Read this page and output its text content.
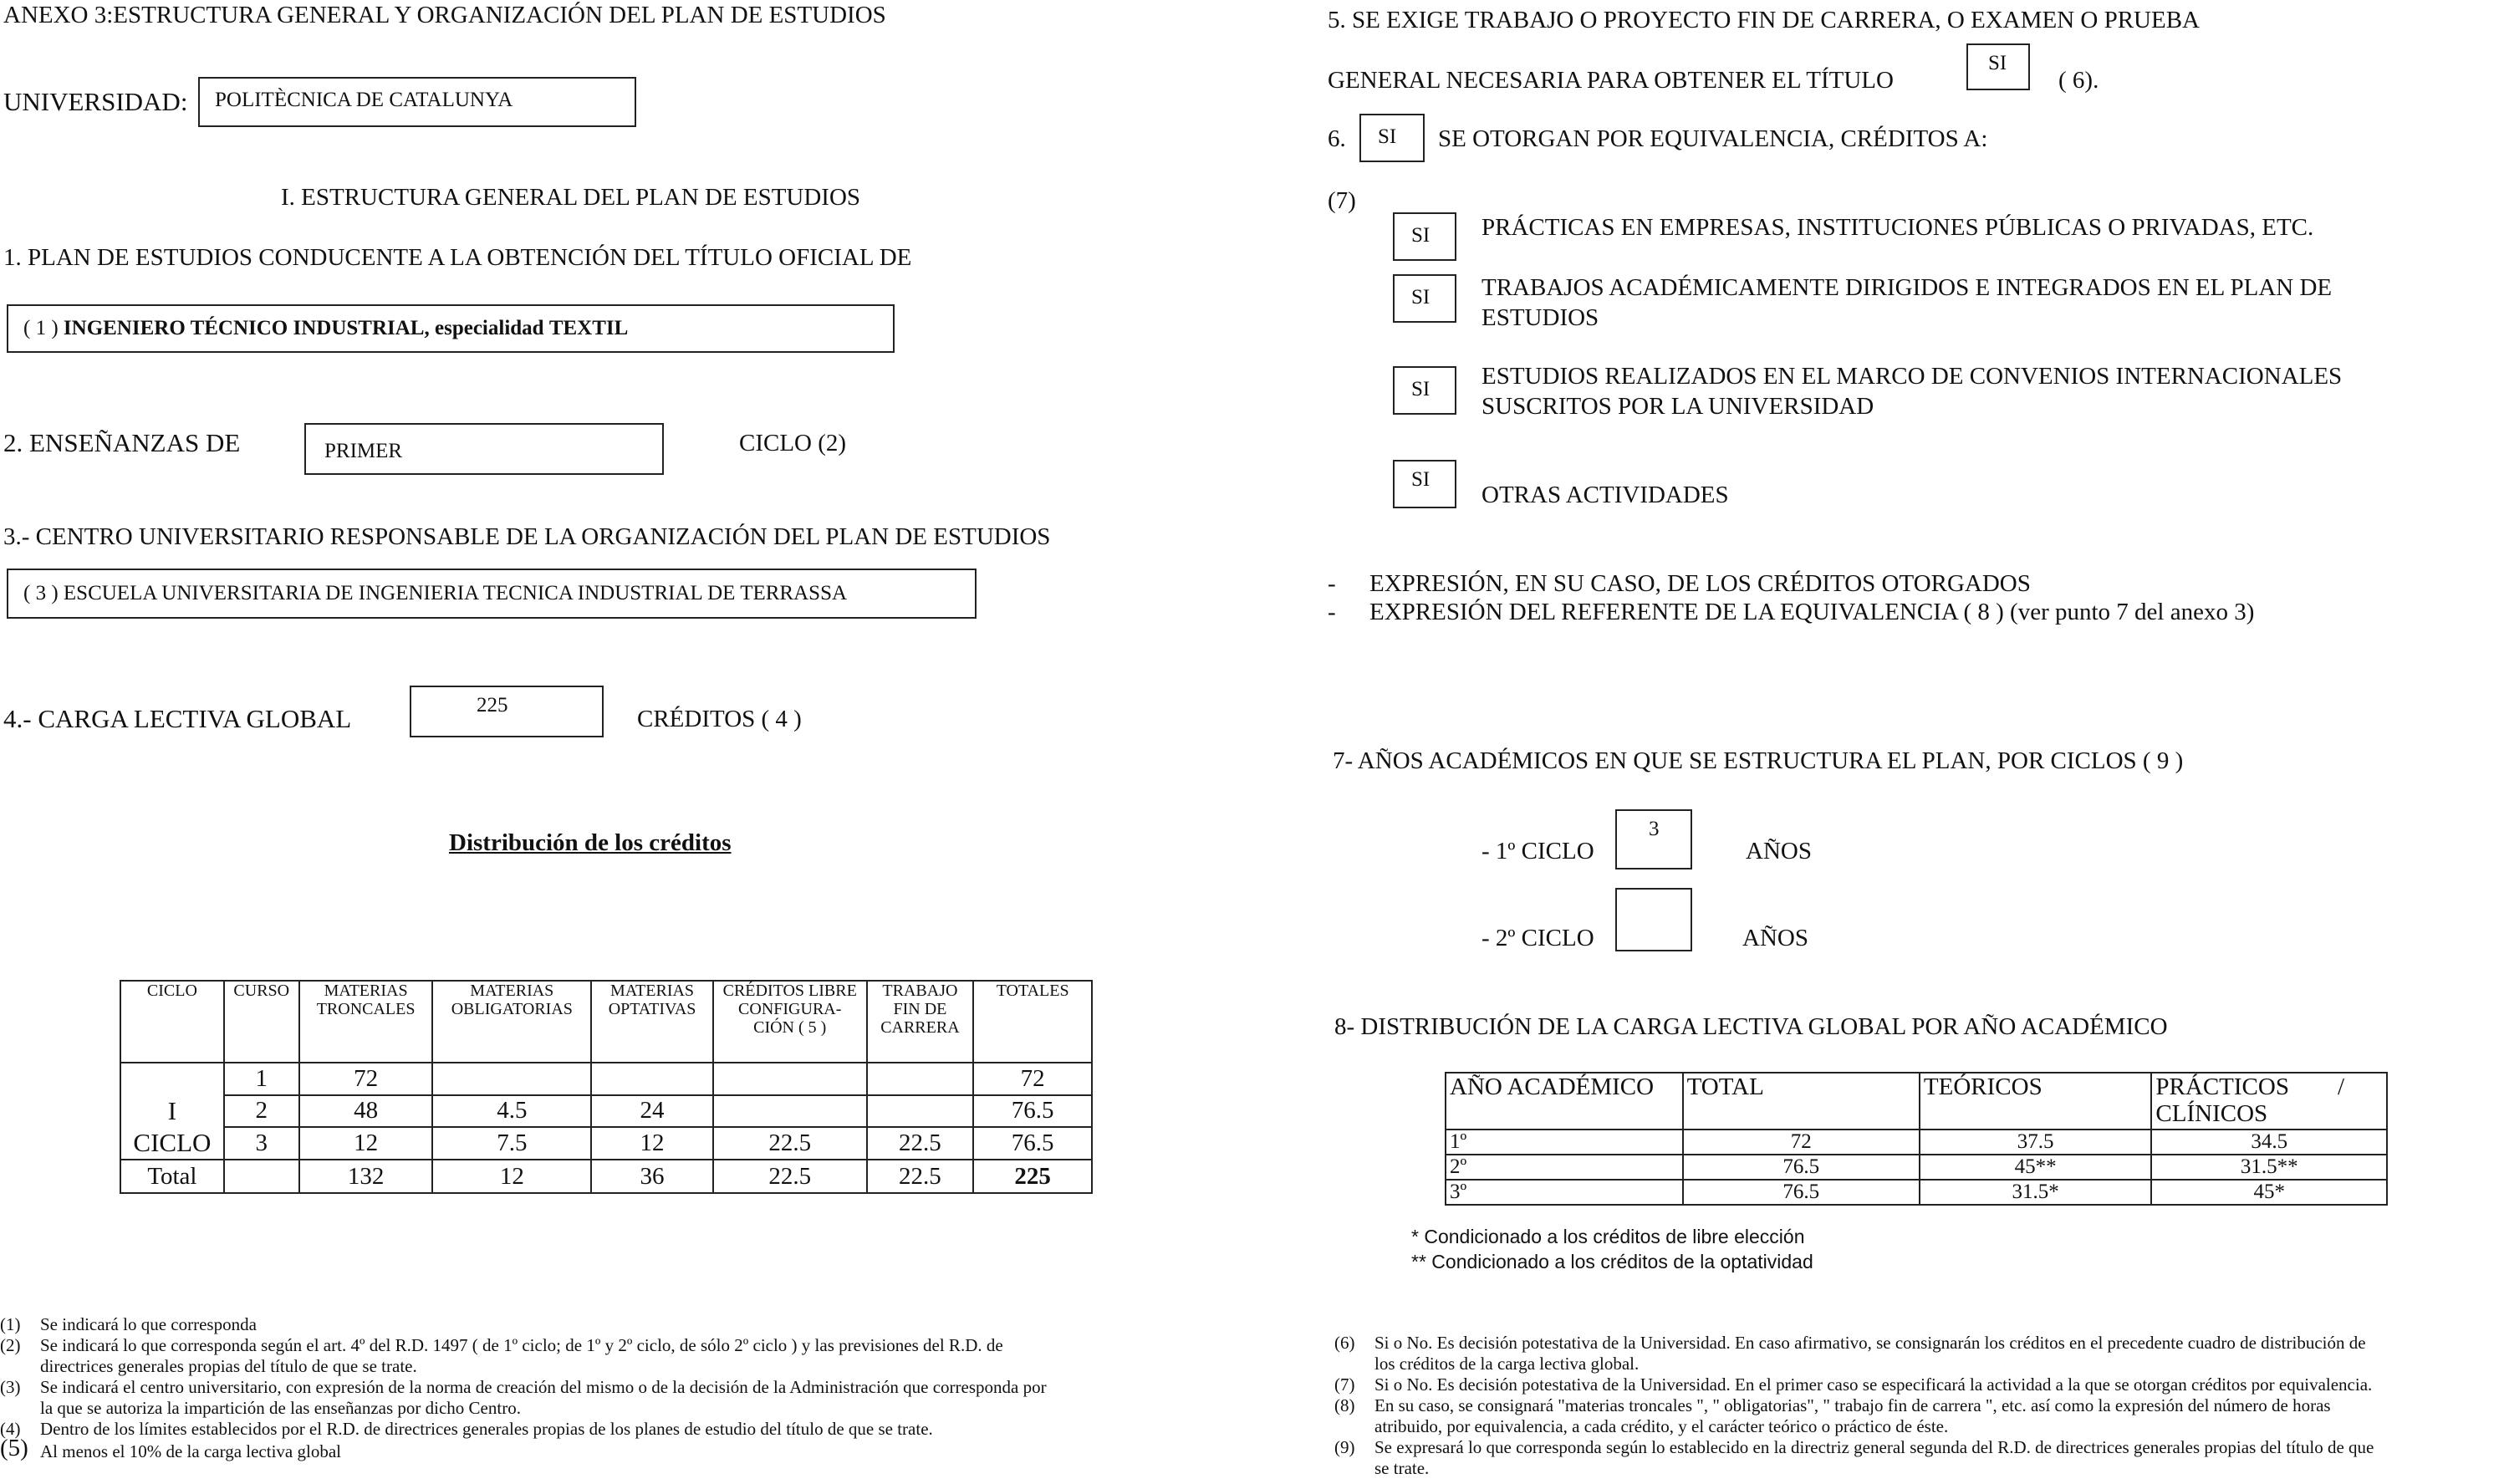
ANEXO 3:ESTRUCTURA GENERAL Y ORGANIZACIÓN DEL PLAN DE ESTUDIOS
UNIVERSIDAD: POLITÈCNICA DE CATALUNYA
I. ESTRUCTURA GENERAL DEL PLAN DE ESTUDIOS
1. PLAN DE ESTUDIOS CONDUCENTE A LA OBTENCIÓN DEL TÍTULO OFICIAL DE
( 1 ) INGENIERO TÉCNICO INDUSTRIAL, especialidad TEXTIL
2. ENSEÑANZAS DE	PRIMER	CICLO (2)
3.- CENTRO UNIVERSITARIO RESPONSABLE DE LA ORGANIZACIÓN DEL PLAN DE ESTUDIOS
( 3 ) ESCUELA UNIVERSITARIA DE INGENIERIA TECNICA INDUSTRIAL DE TERRASSA
4.- CARGA LECTIVA GLOBAL	225
CRÉDITOS ( 4 )
Distribución de los créditos
CICLO	CURSO	MATERIAS TRONCALES	MATERIAS OBLIGATORIAS	MATERIAS OPTATIVAS	CRÉDITOS LIBRE CONFIGURA- CIÓN ( 5 )	TRABAJO FIN DE CARRERA	TOTALES

I
CICLO	1	72					72
	2	48	4.5	24			76.5
	3	12	7.5	12	22.5	22.5	76.5
Total		132	12	36	22.5	22.5	225
(1) Se indicará lo que corresponda
(2) Se indicará lo que corresponda según el art. 4º del R.D. 1497 ( de 1º ciclo; de 1º y 2º ciclo, de sólo 2º ciclo ) y las previsiones del R.D. de
directrices generales propias del título de que se trate.
(3) Se indicará el centro universitario, con expresión de la norma de creación del mismo o de la decisión de la Administración que corresponda por
la que se autoriza la impartición de las enseñanzas por dicho Centro.
(4) Dentro de los límites establecidos por el R.D. de directrices generales propias de los planes de estudio del título de que se trate.
(5) Al menos el 10% de la carga lectiva global
5. SE EXIGE TRABAJO O PROYECTO FIN DE CARRERA, O EXAMEN O PRUEBA
GENERAL NECESARIA PARA OBTENER EL TÍTULO
SI
( 6).
6. SI SE OTORGAN POR EQUIVALENCIA, CRÉDITOS A:
(7)
SI PRÁCTICAS EN EMPRESAS, INSTITUCIONES PÚBLICAS O PRIVADAS, ETC.
SI TRABAJOS ACADÉMICAMENTE DIRIGIDOS E INTEGRADOS EN EL PLAN DE
ESTUDIOS
SI ESTUDIOS REALIZADOS EN EL MARCO DE CONVENIOS INTERNACIONALES
SUSCRITOS POR LA UNIVERSIDAD
SI
OTRAS ACTIVIDADES
- EXPRESIÓN, EN SU CASO, DE LOS CRÉDITOS OTORGADOS
- EXPRESIÓN DEL REFERENTE DE LA EQUIVALENCIA ( 8 ) (ver punto 7 del anexo 3)
7- AÑOS ACADÉMICOS EN QUE SE ESTRUCTURA EL PLAN, POR CICLOS ( 9 )
- 1º CICLO
3
AÑOS
- 2º CICLO	AÑOS
8- DISTRIBUCIÓN DE LA CARGA LECTIVA GLOBAL POR AÑO ACADÉMICO
AÑO ACADÉMICO	TOTAL	TEÓRICOS	PRÁCTICOS        / CLÍNICOS
1º	72	37.5	34.5
2º	76.5	45**	31.5**
3º	76.5	31.5*	45*
* Condicionado a los créditos de libre elección
** Condicionado a los créditos de la optatividad
(6) Si o No. Es decisión potestativa de la Universidad. En caso afirmativo, se consignarán los créditos en el precedente cuadro de distribución de
los créditos de la carga lectiva global.
(7) Si o No. Es decisión potestativa de la Universidad. En el primer caso se especificará la actividad a la que se otorgan créditos por equivalencia.
(8) En su caso, se consignará "materias troncales ", " obligatorias", " trabajo fin de carrera ", etc. así como la expresión del número de horas
atribuido, por equivalencia, a cada crédito, y el carácter teórico o práctico de éste.
(9) Se expresará lo que corresponda según lo establecido en la directriz general segunda del R.D. de directrices generales propias del título de que
se trate.
